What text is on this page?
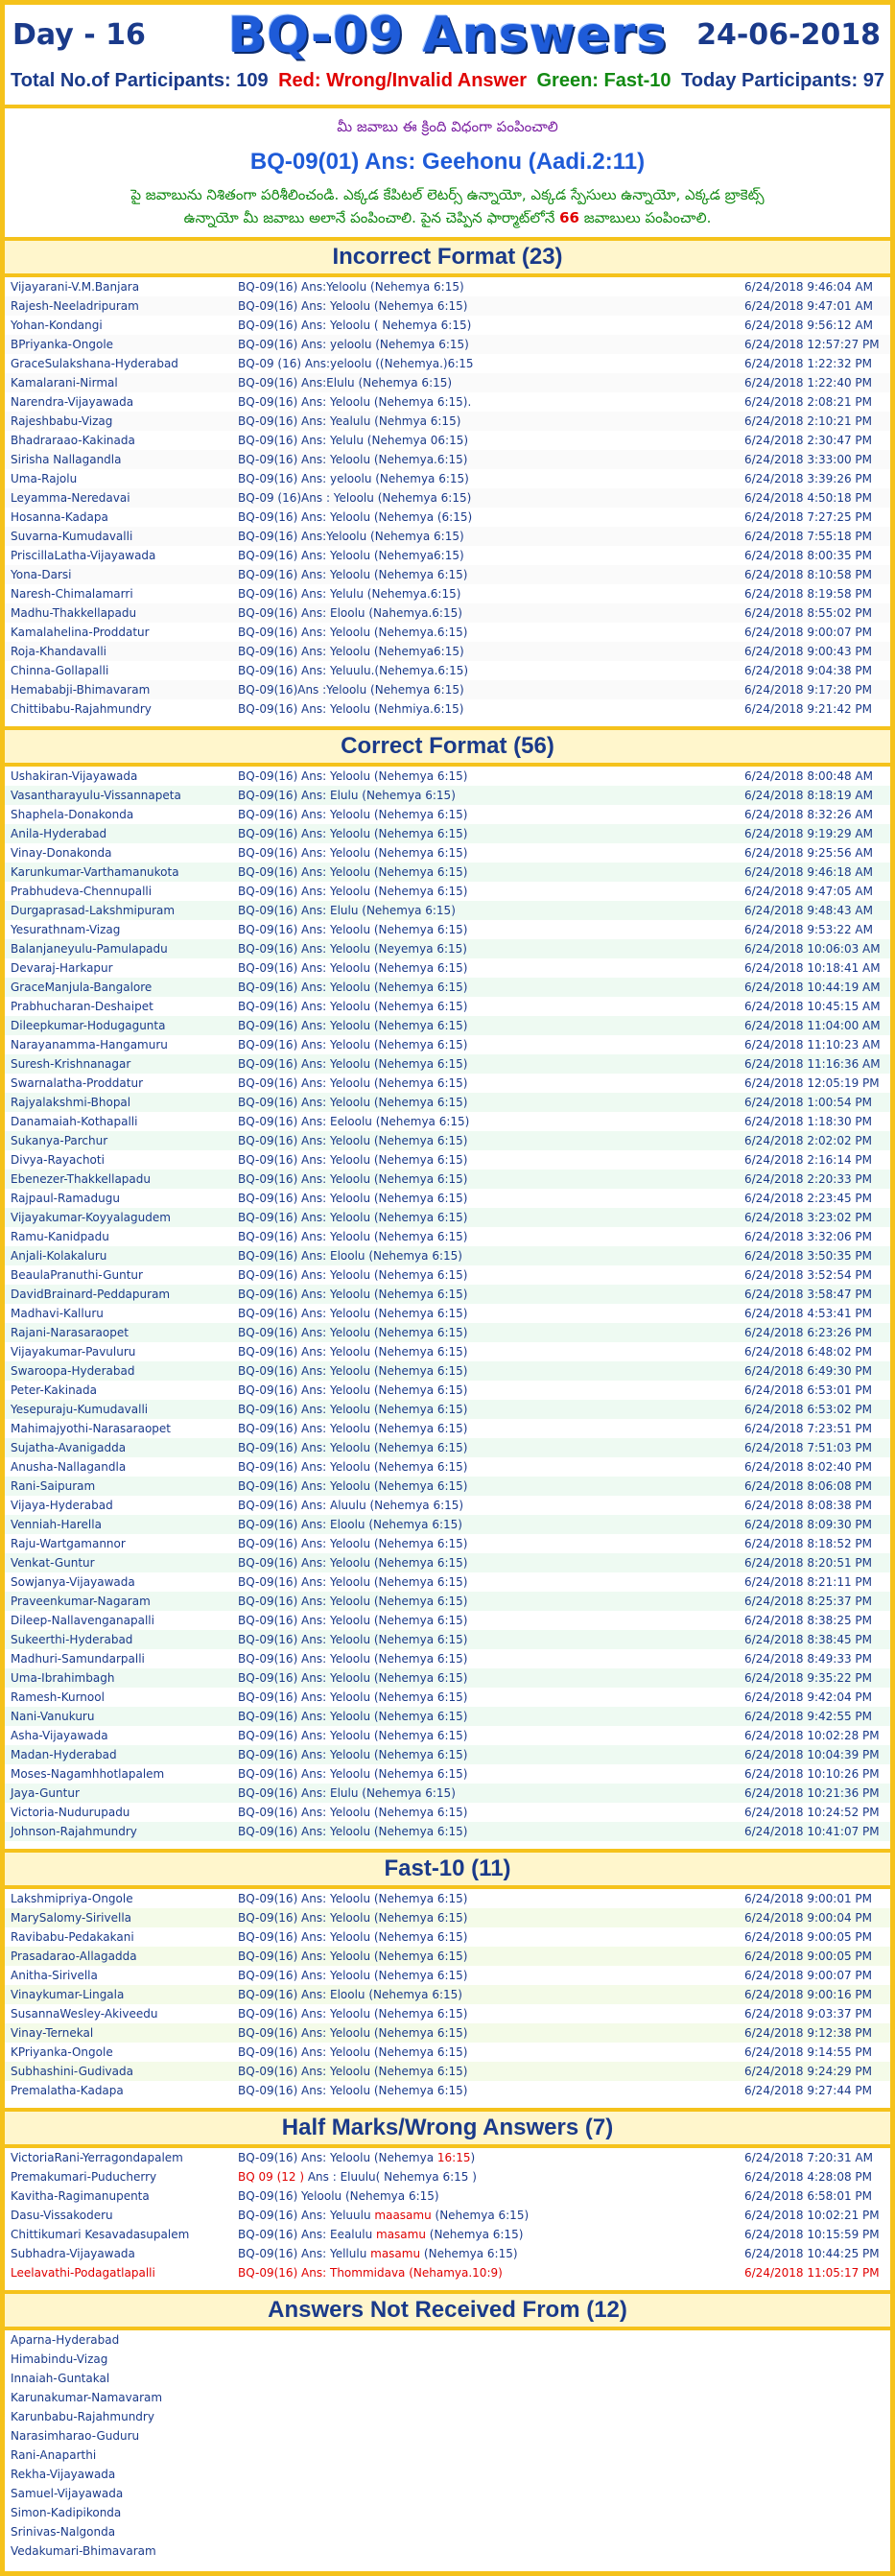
Day - 16	BQ-09 Answers	24-06-2018
Total No.of Participants: 109 Red: Wrong/Invalid Answer Green: Fast-10 Today Participants: 97
మీ జవాబు ఈ క్రింది విధంగా పంపించాలి
BQ-09(01) Ans: Geehonu (Aadi.2:11)
పై జవాబును నిశితంగా పరిశీలించండి. ఎక్కడ కేపిటల్ లెటర్స్ ఉన్నాయో, ఎక్కడ స్పేసులు ఉన్నాయో, ఎక్కడ బ్రాకెట్స్
ఉన్నాయో మీ జవాబు అలానే పంపించాలి. పైన చెప్పిన ఫార్మాట్‌లోనే 66 జవాబులు పంపించాలి.
Incorrect Format (23)
Vijayarani-V.M.Banjara	BQ-09(16) Ans:Yeloolu (Nehemya 6:15)	6/24/2018 9:46:04 AM
Rajesh-Neeladripuram	BQ-09(16) Ans: Yeloolu (Nehemya 6:15)	6/24/2018 9:47:01 AM
Yohan-Kondangi	BQ-09(16) Ans: Yeloolu ( Nehemya 6:15)	6/24/2018 9:56:12 AM
BPriyanka-Ongole	BQ-09(16) Ans: yeloolu (Nehemya 6:15)	6/24/2018 12:57:27 PM
GraceSulakshana-Hyderabad	BQ-09 (16) Ans:yeloolu ((Nehemya.)6:15	6/24/2018 1:22:32 PM
Kamalarani-Nirmal	BQ-09(16) Ans:Elulu (Nehemya 6:15)	6/24/2018 1:22:40 PM
Narendra-Vijayawada	BQ-09(16) Ans: Yeloolu (Nehemya 6:15).	6/24/2018 2:08:21 PM
Rajeshbabu-Vizag	BQ-09(16) Ans: Yealulu (Nehmya 6:15)	6/24/2018 2:10:21 PM
Bhadraraao-Kakinada	BQ-09(16) Ans: Yelulu (Nehemya 06:15)	6/24/2018 2:30:47 PM
Sirisha Nallagandla	BQ-09(16) Ans: Yeloolu (Nehemya.6:15)	6/24/2018 3:33:00 PM
Uma-Rajolu	BQ-09(16) Ans: yeloolu (Nehemya 6:15)	6/24/2018 3:39:26 PM
Leyamma-Neredavai	BQ-09 (16)Ans : Yeloolu (Nehemya 6:15)	6/24/2018 4:50:18 PM
Hosanna-Kadapa	BQ-09(16) Ans: Yeloolu (Nehemya (6:15)	6/24/2018 7:27:25 PM
Suvarna-Kumudavalli	BQ-09(16) Ans:Yeloolu (Nehemya 6:15)	6/24/2018 7:55:18 PM
PriscillaLatha-Vijayawada	BQ-09(16) Ans: Yeloolu (Nehemya6:15)	6/24/2018 8:00:35 PM
Yona-Darsi	BQ-09(16) Ans: Yeloolu (Nehemya 6:15)	6/24/2018 8:10:58 PM
Naresh-Chimalamarri	BQ-09(16) Ans: Yelulu (Nehemya.6:15)	6/24/2018 8:19:58 PM
Madhu-Thakkellapadu	BQ-09(16) Ans: Eloolu (Nahemya.6:15)	6/24/2018 8:55:02 PM
Kamalahelina-Proddatur	BQ-09(16) Ans: Yeloolu (Nehemya.6:15)	6/24/2018 9:00:07 PM
Roja-Khandavalli	BQ-09(16) Ans: Yeloolu (Nehemya6:15)	6/24/2018 9:00:43 PM
Chinna-Gollapalli	BQ-09(16) Ans: Yeluulu.(Nehemya.6:15)	6/24/2018 9:04:38 PM
Hemababji-Bhimavaram	BQ-09(16)Ans :Yeloolu (Nehemya 6:15)	6/24/2018 9:17:20 PM
Chittibabu-Rajahmundry	BQ-09(16) Ans: Yeloolu (Nehmiya.6:15)	6/24/2018 9:21:42 PM
Correct Format (56)
Ushakiran-Vijayawada	BQ-09(16) Ans: Yeloolu (Nehemya 6:15)	6/24/2018 8:00:48 AM
Vasantharayulu-Vissannapeta	BQ-09(16) Ans: Elulu (Nehemya 6:15)	6/24/2018 8:18:19 AM
Shaphela-Donakonda	BQ-09(16) Ans: Yeloolu (Nehemya 6:15)	6/24/2018 8:32:26 AM
Anila-Hyderabad	BQ-09(16) Ans: Yeloolu (Nehemya 6:15)	6/24/2018 9:19:29 AM
Vinay-Donakonda	BQ-09(16) Ans: Yeloolu (Nehemya 6:15)	6/24/2018 9:25:56 AM
Karunkumar-Varthamanukota	BQ-09(16) Ans: Yeloolu (Nehemya 6:15)	6/24/2018 9:46:18 AM
Prabhudeva-Chennupalli	BQ-09(16) Ans: Yeloolu (Nehemya 6:15)	6/24/2018 9:47:05 AM
Durgaprasad-Lakshmipuram	BQ-09(16) Ans: Elulu (Nehemya 6:15)	6/24/2018 9:48:43 AM
Yesurathnam-Vizag	BQ-09(16) Ans: Yeloolu (Nehemya 6:15)	6/24/2018 9:53:22 AM
Balanjaneyulu-Pamulapadu	BQ-09(16) Ans: Yeloolu (Neyemya 6:15)	6/24/2018 10:06:03 AM
Devaraj-Harkapur	BQ-09(16) Ans: Yeloolu (Nehemya 6:15)	6/24/2018 10:18:41 AM
GraceManjula-Bangalore	BQ-09(16) Ans: Yeloolu (Nehemya 6:15)	6/24/2018 10:44:19 AM
Prabhucharan-Deshaipet	BQ-09(16) Ans: Yeloolu (Nehemya 6:15)	6/24/2018 10:45:15 AM
Dileepkumar-Hodugagunta	BQ-09(16) Ans: Yeloolu (Nehemya 6:15)	6/24/2018 11:04:00 AM
Narayanamma-Hangamuru	BQ-09(16) Ans: Yeloolu (Nehemya 6:15)	6/24/2018 11:10:23 AM
Suresh-Krishnanagar	BQ-09(16) Ans: Yeloolu (Nehemya 6:15)	6/24/2018 11:16:36 AM
Swarnalatha-Proddatur	BQ-09(16) Ans: Yeloolu (Nehemya 6:15)	6/24/2018 12:05:19 PM
Rajyalakshmi-Bhopal	BQ-09(16) Ans: Yeloolu (Nehemya 6:15)	6/24/2018 1:00:54 PM
Danamaiah-Kothapalli	BQ-09(16) Ans: Eeloolu (Nehemya 6:15)	6/24/2018 1:18:30 PM
Sukanya-Parchur	BQ-09(16) Ans: Yeloolu (Nehemya 6:15)	6/24/2018 2:02:02 PM
Divya-Rayachoti	BQ-09(16) Ans: Yeloolu (Nehemya 6:15)	6/24/2018 2:16:14 PM
Ebenezer-Thakkellapadu	BQ-09(16) Ans: Yeloolu (Nehemya 6:15)	6/24/2018 2:20:33 PM
Rajpaul-Ramadugu	BQ-09(16) Ans: Yeloolu (Nehemya 6:15)	6/24/2018 2:23:45 PM
Vijayakumar-Koyyalagudem	BQ-09(16) Ans: Yeloolu (Nehemya 6:15)	6/24/2018 3:23:02 PM
Ramu-Kanidpadu	BQ-09(16) Ans: Yeloolu (Nehemya 6:15)	6/24/2018 3:32:06 PM
Anjali-Kolakaluru	BQ-09(16) Ans: Eloolu (Nehemya 6:15)	6/24/2018 3:50:35 PM
BeaulaPranuthi-Guntur	BQ-09(16) Ans: Yeloolu (Nehemya 6:15)	6/24/2018 3:52:54 PM
DavidBrainard-Peddapuram	BQ-09(16) Ans: Yeloolu (Nehemya 6:15)	6/24/2018 3:58:47 PM
Madhavi-Kalluru	BQ-09(16) Ans: Yeloolu (Nehemya 6:15)	6/24/2018 4:53:41 PM
Rajani-Narasaraopet	BQ-09(16) Ans: Yeloolu (Nehemya 6:15)	6/24/2018 6:23:26 PM
Vijayakumar-Pavuluru	BQ-09(16) Ans: Yeloolu (Nehemya 6:15)	6/24/2018 6:48:02 PM
Swaroopa-Hyderabad	BQ-09(16) Ans: Yeloolu (Nehemya 6:15)	6/24/2018 6:49:30 PM
Peter-Kakinada	BQ-09(16) Ans: Yeloolu (Nehemya 6:15)	6/24/2018 6:53:01 PM
Yesepuraju-Kumudavalli	BQ-09(16) Ans: Yeloolu (Nehemya 6:15)	6/24/2018 6:53:02 PM
Mahimajyothi-Narasaraopet	BQ-09(16) Ans: Yeloolu (Nehemya 6:15)	6/24/2018 7:23:51 PM
Sujatha-Avanigadda	BQ-09(16) Ans: Yeloolu (Nehemya 6:15)	6/24/2018 7:51:03 PM
Anusha-Nallagandla	BQ-09(16) Ans: Yeloolu (Nehemya 6:15)	6/24/2018 8:02:40 PM
Rani-Saipuram	BQ-09(16) Ans: Yeloolu (Nehemya 6:15)	6/24/2018 8:06:08 PM
Vijaya-Hyderabad	BQ-09(16) Ans: Aluulu (Nehemya 6:15)	6/24/2018 8:08:38 PM
Venniah-Harella	BQ-09(16) Ans: Eloolu (Nehemya 6:15)	6/24/2018 8:09:30 PM
Raju-Wartgamannor	BQ-09(16) Ans: Yeloolu (Nehemya 6:15)	6/24/2018 8:18:52 PM
Venkat-Guntur	BQ-09(16) Ans: Yeloolu (Nehemya 6:15)	6/24/2018 8:20:51 PM
Sowjanya-Vijayawada	BQ-09(16) Ans: Yeloolu (Nehemya 6:15)	6/24/2018 8:21:11 PM
Praveenkumar-Nagaram	BQ-09(16) Ans: Yeloolu (Nehemya 6:15)	6/24/2018 8:25:37 PM
Dileep-Nallavenganapalli	BQ-09(16) Ans: Yeloolu (Nehemya 6:15)	6/24/2018 8:38:25 PM
Sukeerthi-Hyderabad	BQ-09(16) Ans: Yeloolu (Nehemya 6:15)	6/24/2018 8:38:45 PM
Madhuri-Samundarpalli	BQ-09(16) Ans: Yeloolu (Nehemya 6:15)	6/24/2018 8:49:33 PM
Uma-Ibrahimbagh	BQ-09(16) Ans: Yeloolu (Nehemya 6:15)	6/24/2018 9:35:22 PM
Ramesh-Kurnool	BQ-09(16) Ans: Yeloolu (Nehemya 6:15)	6/24/2018 9:42:04 PM
Nani-Vanukuru	BQ-09(16) Ans: Yeloolu (Nehemya 6:15)	6/24/2018 9:42:55 PM
Asha-Vijayawada	BQ-09(16) Ans: Yeloolu (Nehemya 6:15)	6/24/2018 10:02:28 PM
Madan-Hyderabad	BQ-09(16) Ans: Yeloolu (Nehemya 6:15)	6/24/2018 10:04:39 PM
Moses-Nagamhhotlapalem	BQ-09(16) Ans: Yeloolu (Nehemya 6:15)	6/24/2018 10:10:26 PM
Jaya-Guntur	BQ-09(16) Ans: Elulu (Nehemya 6:15)	6/24/2018 10:21:36 PM
Victoria-Nudurupadu	BQ-09(16) Ans: Yeloolu (Nehemya 6:15)	6/24/2018 10:24:52 PM
Johnson-Rajahmundry	BQ-09(16) Ans: Yeloolu (Nehemya 6:15)	6/24/2018 10:41:07 PM
Fast-10 (11)
Lakshmipriya-Ongole	BQ-09(16) Ans: Yeloolu (Nehemya 6:15)	6/24/2018 9:00:01 PM
MarySalomy-Sirivella	BQ-09(16) Ans: Yeloolu (Nehemya 6:15)	6/24/2018 9:00:04 PM
Ravibabu-Pedakakani	BQ-09(16) Ans: Yeloolu (Nehemya 6:15)	6/24/2018 9:00:05 PM
Prasadarao-Allagadda	BQ-09(16) Ans: Yeloolu (Nehemya 6:15)	6/24/2018 9:00:05 PM
Anitha-Sirivella	BQ-09(16) Ans: Yeloolu (Nehemya 6:15)	6/24/2018 9:00:07 PM
Vinaykumar-Lingala	BQ-09(16) Ans: Eloolu (Nehemya 6:15)	6/24/2018 9:00:16 PM
SusannaWesley-Akiveedu	BQ-09(16) Ans: Yeloolu (Nehemya 6:15)	6/24/2018 9:03:37 PM
Vinay-Ternekal	BQ-09(16) Ans: Yeloolu (Nehemya 6:15)	6/24/2018 9:12:38 PM
KPriyanka-Ongole	BQ-09(16) Ans: Yeloolu (Nehemya 6:15)	6/24/2018 9:14:55 PM
Subhashini-Gudivada	BQ-09(16) Ans: Yeloolu (Nehemya 6:15)	6/24/2018 9:24:29 PM
Premalatha-Kadapa	BQ-09(16) Ans: Yeloolu (Nehemya 6:15)	6/24/2018 9:27:44 PM
Half Marks/Wrong Answers (7)
VictoriaRani-Yerragondapalem	BQ-09(16) Ans: Yeloolu (Nehemya 16:15)	6/24/2018 7:20:31 AM
Premakumari-Puducherry	BQ 09 (12 ) Ans : Eluulu( Nehemya 6:15 )	6/24/2018 4:28:08 PM
Kavitha-Ragimanupenta	BQ-09(16) Yeloolu (Nehemya 6:15)	6/24/2018 6:58:01 PM
Dasu-Vissakoderu	BQ-09(16) Ans: Yeluulu maasamu (Nehemya 6:15)	6/24/2018 10:02:21 PM
Chittikumari Kesavadasupalem	BQ-09(16) Ans: Eealulu masamu (Nehemya 6:15)	6/24/2018 10:15:59 PM
Subhadra-Vijayawada	BQ-09(16) Ans: Yellulu masamu (Nehemya 6:15)	6/24/2018 10:44:25 PM
Leelavathi-Podagatlapalli	BQ-09(16) Ans: Thommidava (Nehamya.10:9)	6/24/2018 11:05:17 PM
Answers Not Received From (12)
Aparna-Hyderabad		
Himabindu-Vizag		
Innaiah-Guntakal		
Karunakumar-Namavaram		
Karunbabu-Rajahmundry		
Narasimharao-Guduru		
Rani-Anaparthi		
Rekha-Vijayawada		
Samuel-Vijayawada		
Simon-Kadipikonda		
Srinivas-Nalgonda		
Vedakumari-Bhimavaram		
